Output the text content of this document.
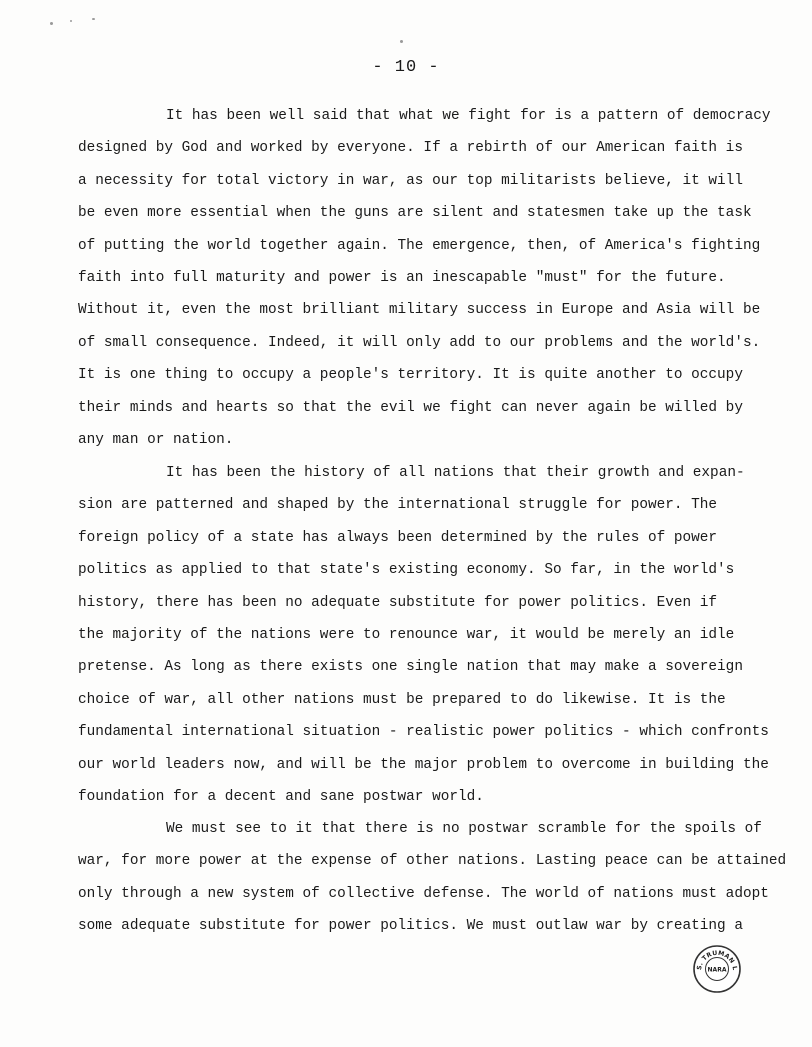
- 10 -
It has been well said that what we fight for is a pattern of democracy
designed by God and worked by everyone. If a rebirth of our American faith is
a necessity for total victory in war, as our top militarists believe, it will
be even more essential when the guns are silent and statesmen take up the task
of putting the world together again. The emergence, then, of America's fighting
faith into full maturity and power is an inescapable "must" for the future.
Without it, even the most brilliant military success in Europe and Asia will be
of small consequence. Indeed, it will only add to our problems and the world's.
It is one thing to occupy a people's territory. It is quite another to occupy
their minds and hearts so that the evil we fight can never again be willed by
any man or nation.
It has been the history of all nations that their growth and expan-
sion are patterned and shaped by the international struggle for power. The
foreign policy of a state has always been determined by the rules of power
politics as applied to that state's existing economy. So far, in the world's
history, there has been no adequate substitute for power politics. Even if
the majority of the nations were to renounce war, it would be merely an idle
pretense. As long as there exists one single nation that may make a sovereign
choice of war, all other nations must be prepared to do likewise. It is the
fundamental international situation - realistic power politics - which confronts
our world leaders now, and will be the major problem to overcome in building the
foundation for a decent and sane postwar world.
We must see to it that there is no postwar scramble for the spoils of
war, for more power at the expense of other nations. Lasting peace can be attained
only through a new system of collective defense. The world of nations must adopt
some adequate substitute for power politics. We must outlaw war by creating a
S. TRUMAN L
NARA
